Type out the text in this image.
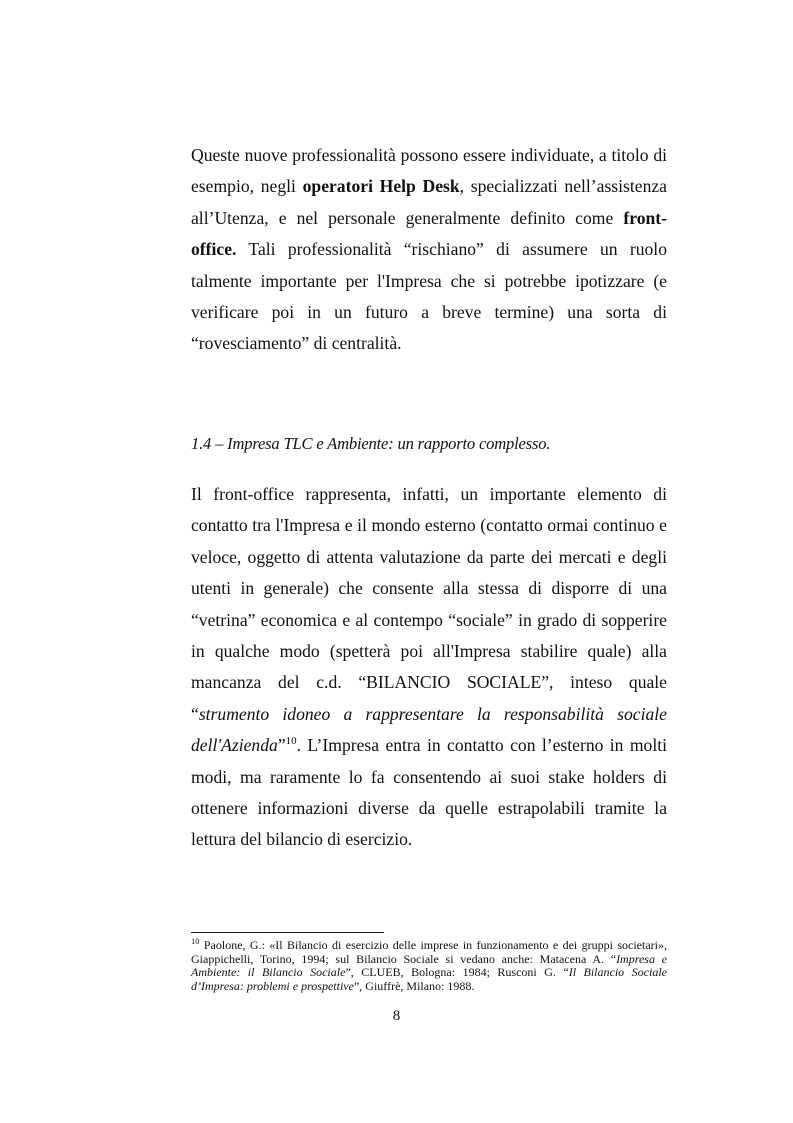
Queste nuove professionalità possono essere individuate, a titolo di esempio, negli operatori Help Desk, specializzati nell’assistenza all’Utenza, e nel personale generalmente definito come front-office. Tali professionalità “rischiano” di assumere un ruolo talmente importante per l'Impresa che si potrebbe ipotizzare (e verificare poi in un futuro a breve termine) una sorta di “rovesciamento” di centralità.
1.4 – Impresa TLC e Ambiente: un rapporto complesso.
Il front-office rappresenta, infatti, un importante elemento di contatto tra l'Impresa e il mondo esterno (contatto ormai continuo e veloce, oggetto di attenta valutazione da parte dei mercati e degli utenti in generale) che consente alla stessa di disporre di una “vetrina” economica e al contempo “sociale” in grado di sopperire in qualche modo (spetterà poi all'Impresa stabilire quale) alla mancanza del c.d. “BILANCIO SOCIALE”, inteso quale “strumento idoneo a rappresentare la responsabilità sociale dell'Azienda”$^{10}$. L’Impresa entra in contatto con l’esterno in molti modi, ma raramente lo fa consentendo ai suoi stake holders di ottenere informazioni diverse da quelle estrapolabili tramite la lettura del bilancio di esercizio.
$^{10}$ Paolone, G.: «Il Bilancio di esercizio delle imprese in funzionamento e dei gruppi societari», Giappichelli, Torino, 1994; sul Bilancio Sociale si vedano anche: Matacena A. “Impresa e Ambiente: il Bilancio Sociale”, CLUEB, Bologna: 1984; Rusconi G. “Il Bilancio Sociale d’Impresa: problemi e prospettive”, Giuffrè, Milano: 1988.
8
